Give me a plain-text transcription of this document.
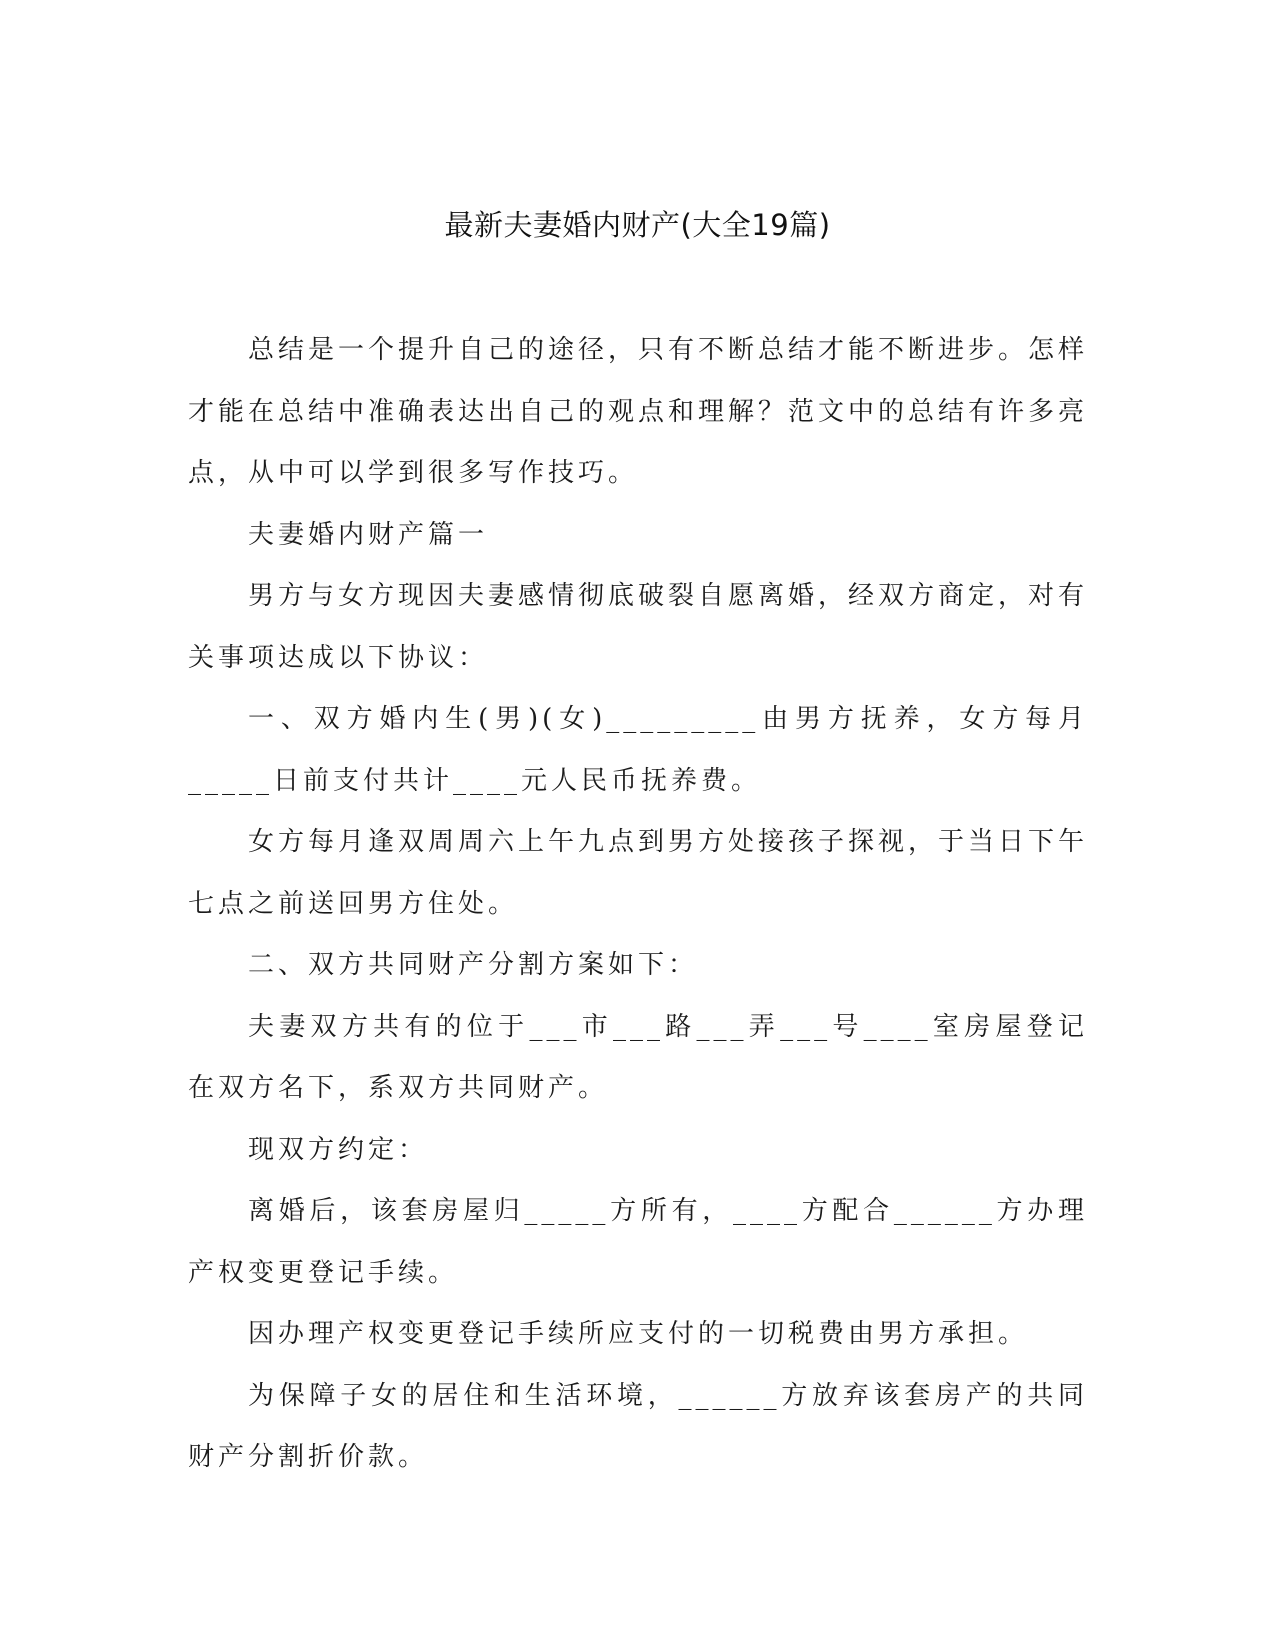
最新夫妻婚内财产(大全19篇)

总结是一个提升自己的途径，只有不断总结才能不断进步。怎样才能在总结中准确表达出自己的观点和理解？范文中的总结有许多亮点，从中可以学到很多写作技巧。

夫妻婚内财产篇一

男方与女方现因夫妻感情彻底破裂自愿离婚，经双方商定，对有关事项达成以下协议：

一、双方婚内生(男)(女)_________由男方抚养，女方每月_____日前支付共计____元人民币抚养费。

女方每月逢双周周六上午九点到男方处接孩子探视，于当日下午七点之前送回男方住处。

二、双方共同财产分割方案如下：

夫妻双方共有的位于___市___路___弄___号____室房屋登记在双方名下，系双方共同财产。

现双方约定：

离婚后，该套房屋归_____方所有，____方配合______方办理产权变更登记手续。

因办理产权变更登记手续所应支付的一切税费由男方承担。

为保障子女的居住和生活环境，______方放弃该套房产的共同财产分割折价款。
